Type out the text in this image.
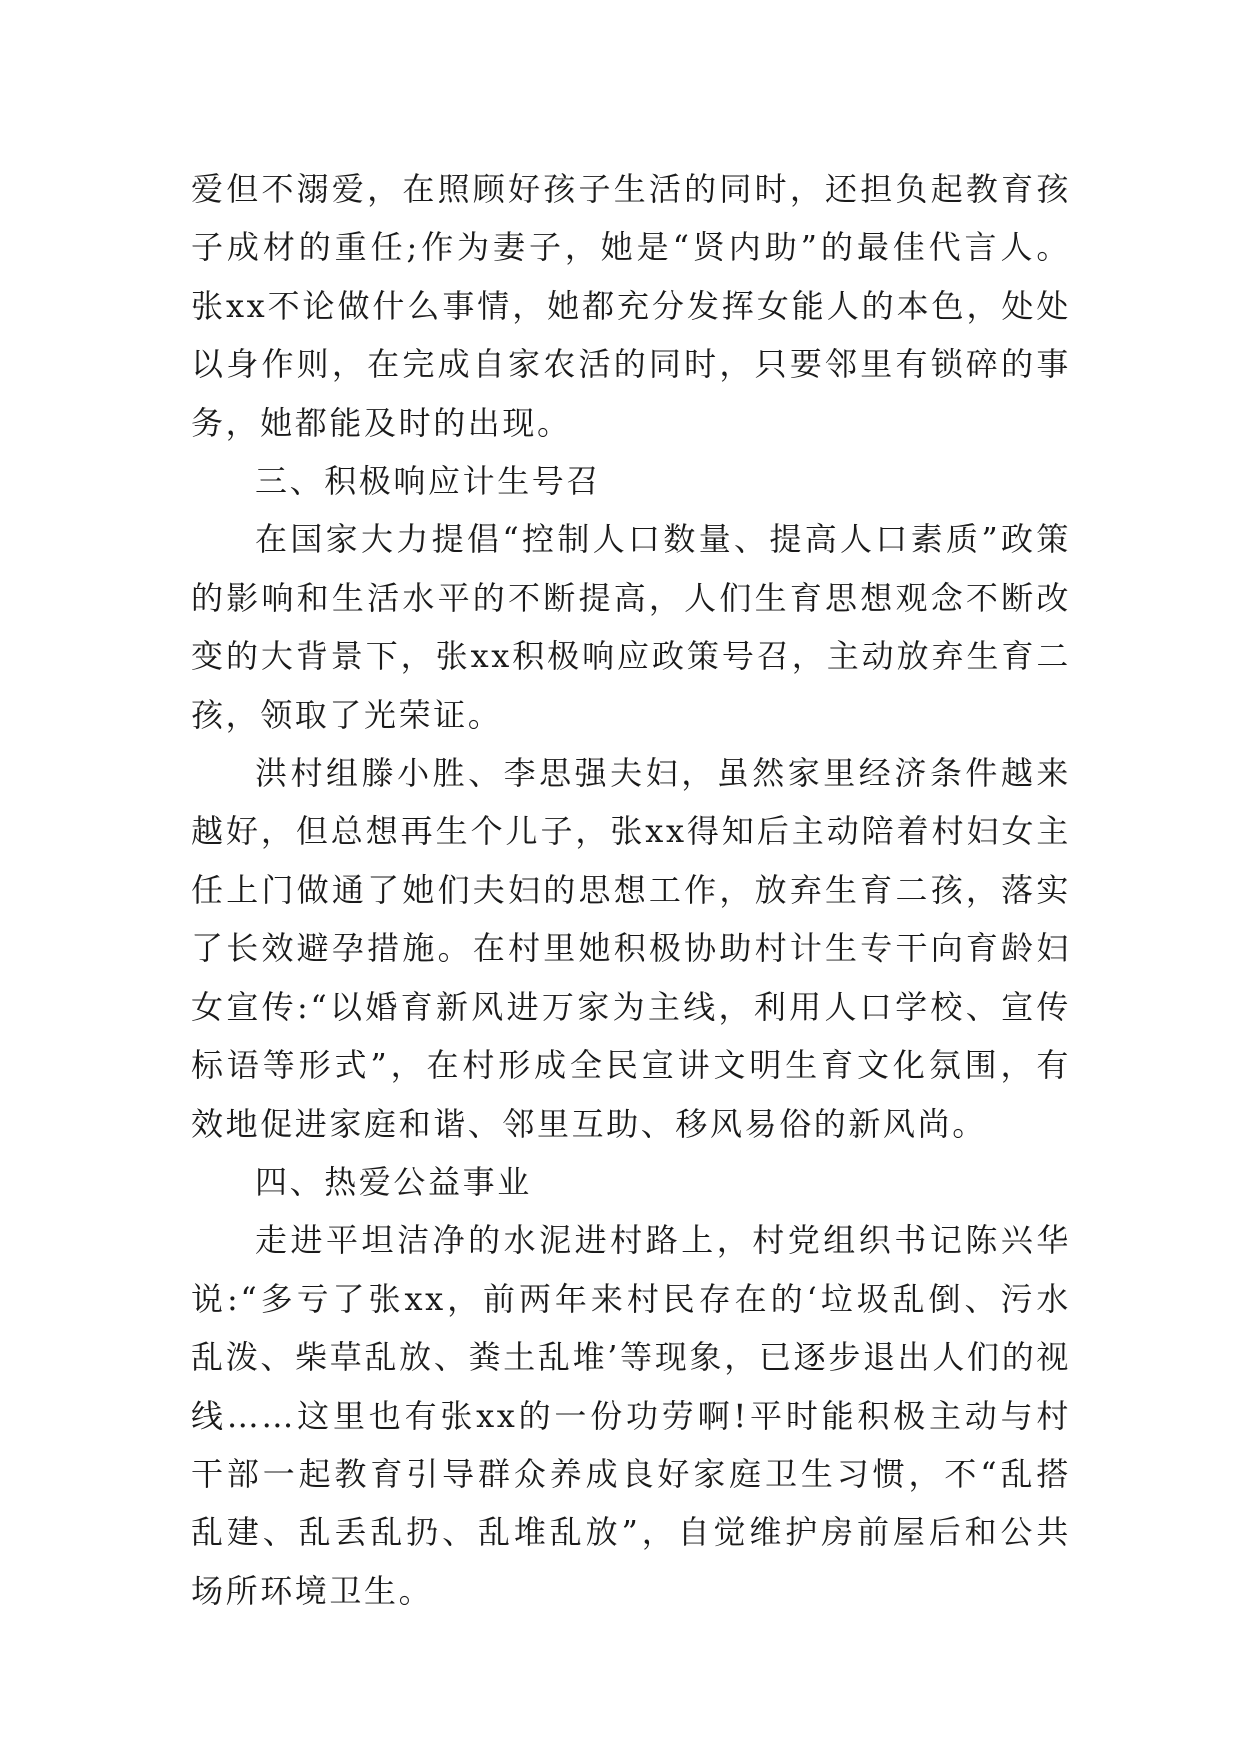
爱但不溺爱，在照顾好孩子生活的同时，还担负起教育孩子成材的重任;作为妻子，她是“贤内助”的最佳代言人。张xx不论做什么事情，她都充分发挥女能人的本色，处处以身作则，在完成自家农活的同时，只要邻里有锁碎的事务，她都能及时的出现。

三、积极响应计生号召

在国家大力提倡“控制人口数量、提高人口素质”政策的影响和生活水平的不断提高，人们生育思想观念不断改变的大背景下，张xx积极响应政策号召，主动放弃生育二孩，领取了光荣证。

洪村组滕小胜、李思强夫妇，虽然家里经济条件越来越好，但总想再生个儿子，张xx得知后主动陪着村妇女主任上门做通了她们夫妇的思想工作，放弃生育二孩，落实了长效避孕措施。在村里她积极协助村计生专干向育龄妇女宣传:“以婚育新风进万家为主线，利用人口学校、宣传标语等形式”，在村形成全民宣讲文明生育文化氛围，有效地促进家庭和谐、邻里互助、移风易俗的新风尚。

四、热爱公益事业

走进平坦洁净的水泥进村路上，村党组织书记陈兴华说:“多亏了张xx，前两年来村民存在的‘垃圾乱倒、污水乱泼、柴草乱放、粪土乱堆’等现象，已逐步退出人们的视线……这里也有张xx的一份功劳啊!平时能积极主动与村干部一起教育引导群众养成良好家庭卫生习惯，不“乱搭乱建、乱丢乱扔、乱堆乱放”，自觉维护房前屋后和公共场所环境卫生。
